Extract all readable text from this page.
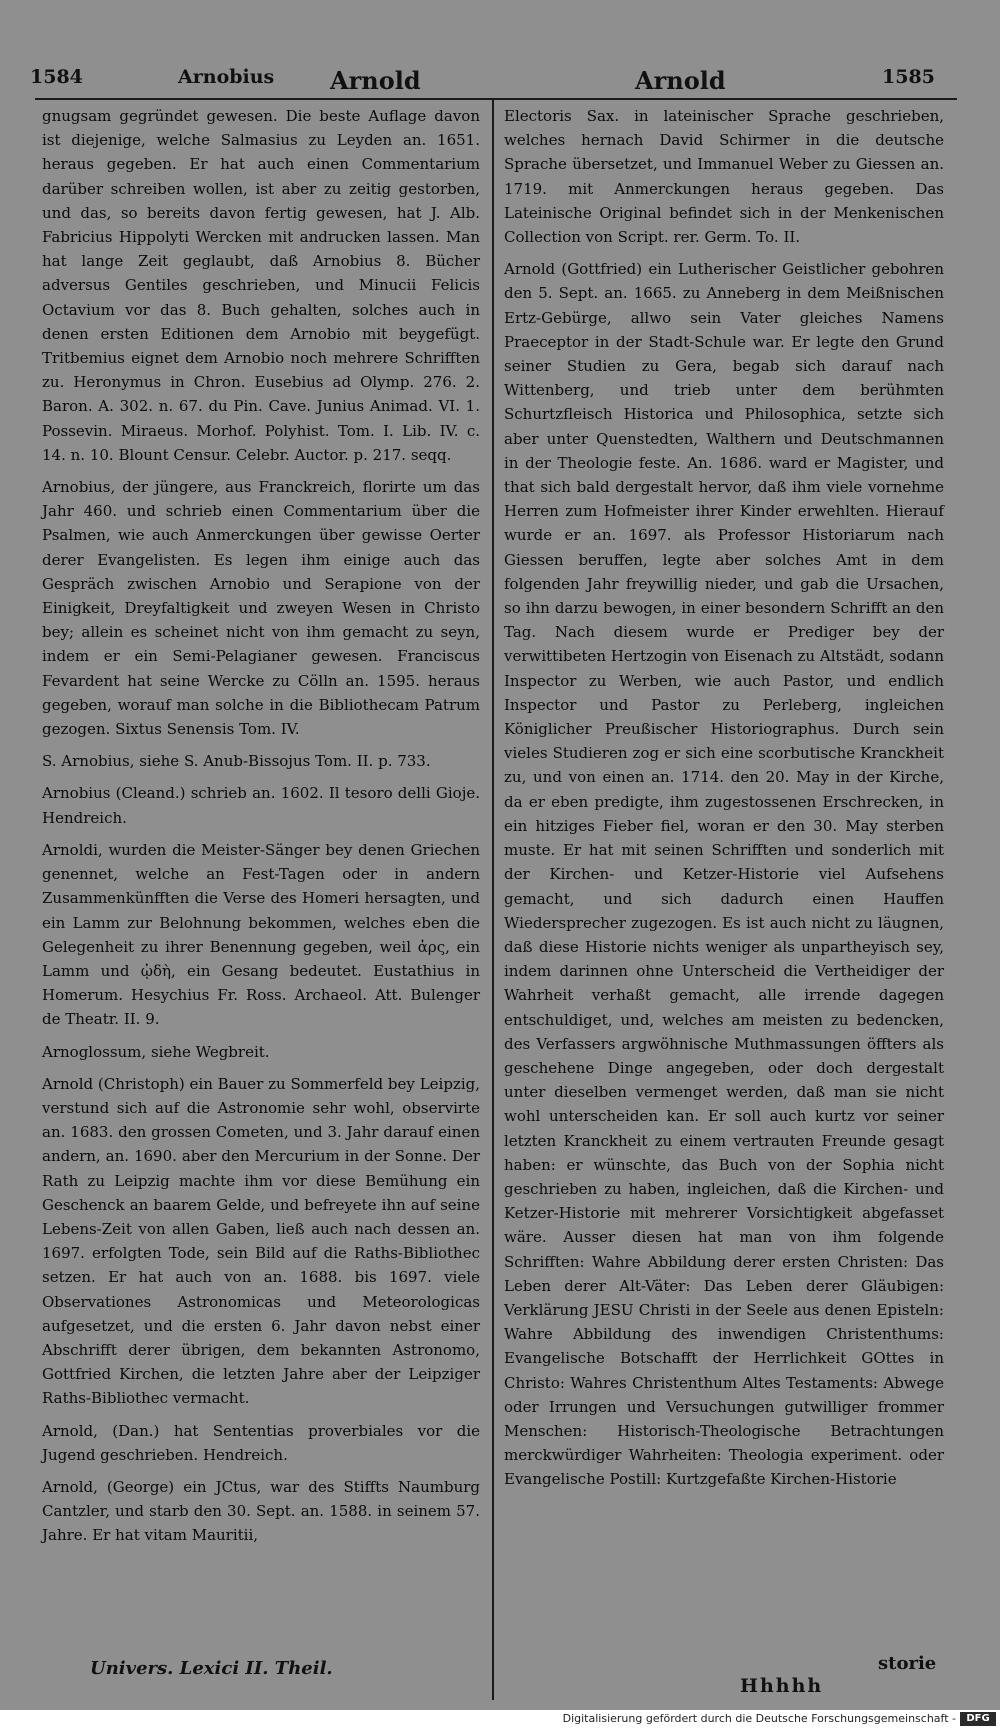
1584	Arnobius Arnold	Arnold	1585

gnugsam gegründet gewesen. Die beste Auflage davon ist diejenige, welche Salmasius zu Leyden an. 1651. heraus gegeben. Er hat auch einen Commentarium darüber schreiben wollen, ist aber zu zeitig gestorben, und das, so bereits davon fertig gewesen, hat J. Alb. Fabricius Hippolyti Wercken mit andrucken lassen. Man hat lange Zeit geglaubt, daß Arnobius 8. Bücher adversus Gentiles geschrieben, und Minucii Felicis Octavium vor das 8. Buch gehalten, solches auch in denen ersten Editionen dem Arnobio mit beygefügt. Tritbemius eignet dem Arnobio noch mehrere Schrifften zu. Heronymus in Chron. Eusebius ad Olymp. 276. 2. Baron. A. 302. n. 67. du Pin. Cave. Junius Animad. VI. 1. Possevin. Miraeus. Morhof. Polyhist. Tom. I. Lib. IV. c. 14. n. 10. Blount Censur. Celebr. Auctor. p. 217. seqq.

Arnobius, der jüngere, aus Franckreich, florirte um das Jahr 460. und schrieb einen Commentarium über die Psalmen, wie auch Anmerckungen über gewisse Oerter derer Evangelisten. Es legen ihm einige auch das Gespräch zwischen Arnobio und Serapione von der Einigkeit, Dreyfaltigkeit und zweyen Wesen in Christo bey; allein es scheinet nicht von ihm gemacht zu seyn, indem er ein Semi-Pelagianer gewesen. Franciscus Fevardent hat seine Wercke zu Cölln an. 1595. heraus gegeben, worauf man solche in die Bibliothecam Patrum gezogen. Sixtus Senensis Tom. IV.

S. Arnobius, siehe S. Anub-Bissojus Tom. II. p. 733.

Arnobius (Cleand.) schrieb an. 1602. Il tesoro delli Gioje. Hendreich.

Arnoldi, wurden die Meister-Sänger bey denen Griechen genennet, welche an Fest-Tagen oder in andern Zusammenkünfften die Verse des Homeri hersagten, und ein Lamm zur Belohnung bekommen, welches eben die Gelegenheit zu ihrer Benennung gegeben, weil ἀρς, ein Lamm und ᾠδὴ, ein Gesang bedeutet. Eustathius in Homerum. Hesychius Fr. Ross. Archaeol. Att. Bulenger de Theatr. II. 9.

Arnoglossum, siehe Wegbreit.

Arnold (Christoph) ein Bauer zu Sommerfeld bey Leipzig, verstund sich auf die Astronomie sehr wohl, observirte an. 1683. den grossen Cometen, und 3. Jahr darauf einen andern, an. 1690. aber den Mercurium in der Sonne. Der Rath zu Leipzig machte ihm vor diese Bemühung ein Geschenck an baarem Gelde, und befreyete ihn auf seine Lebens-Zeit von allen Gaben, ließ auch nach dessen an. 1697. erfolgten Tode, sein Bild auf die Raths-Bibliothec setzen. Er hat auch von an. 1688. bis 1697. viele Observationes Astronomicas und Meteorologicas aufgesetzet, und die ersten 6. Jahr davon nebst einer Abschrifft derer übrigen, dem bekannten Astronomo, Gottfried Kirchen, die letzten Jahre aber der Leipziger Raths-Bibliothec vermacht.

Arnold, (Dan.) hat Sententias proverbiales vor die Jugend geschrieben. Hendreich.

Arnold, (George) ein JCtus, war des Stiffts Naumburg Cantzler, und starb den 30. Sept. an. 1588. in seinem 57. Jahre. Er hat vitam Mauritii,

Electoris Sax. in lateinischer Sprache geschrieben, welches hernach David Schirmer in die deutsche Sprache übersetzet, und Immanuel Weber zu Giessen an. 1719. mit Anmerckungen heraus gegeben. Das Lateinische Original befindet sich in der Menkenischen Collection von Script. rer. Germ. To. II.

Arnold (Gottfried) ein Lutherischer Geistlicher gebohren den 5. Sept. an. 1665. zu Anneberg in dem Meißnischen Ertz-Gebürge, allwo sein Vater gleiches Namens Praeceptor in der Stadt-Schule war. Er legte den Grund seiner Studien zu Gera, begab sich darauf nach Wittenberg, und trieb unter dem berühmten Schurtzfleisch Historica und Philosophica, setzte sich aber unter Quenstedten, Walthern und Deutschmannen in der Theologie feste. An. 1686. ward er Magister, und that sich bald dergestalt hervor, daß ihm viele vornehme Herren zum Hofmeister ihrer Kinder erwehlten. Hierauf wurde er an. 1697. als Professor Historiarum nach Giessen beruffen, legte aber solches Amt in dem folgenden Jahr freywillig nieder, und gab die Ursachen, so ihn darzu bewogen, in einer besondern Schrifft an den Tag. Nach diesem wurde er Prediger bey der verwittibeten Hertzogin von Eisenach zu Altstädt, sodann Inspector zu Werben, wie auch Pastor, und endlich Inspector und Pastor zu Perleberg, ingleichen Königlicher Preußischer Historiographus. Durch sein vieles Studieren zog er sich eine scorbutische Kranckheit zu, und von einen an. 1714. den 20. May in der Kirche, da er eben predigte, ihm zugestossenen Erschrecken, in ein hitziges Fieber fiel, woran er den 30. May sterben muste. Er hat mit seinen Schrifften und sonderlich mit der Kirchen- und Ketzer-Historie viel Aufsehens gemacht, und sich dadurch einen Hauffen Wiedersprecher zugezogen. Es ist auch nicht zu läugnen, daß diese Historie nichts weniger als unpartheyisch sey, indem darinnen ohne Unterscheid die Vertheidiger der Wahrheit verhaßt gemacht, alle irrende dagegen entschuldiget, und, welches am meisten zu bedencken, des Verfassers argwöhnische Muthmassungen öffters als geschehene Dinge angegeben, oder doch dergestalt unter dieselben vermenget werden, daß man sie nicht wohl unterscheiden kan. Er soll auch kurtz vor seiner letzten Kranckheit zu einem vertrauten Freunde gesagt haben: er wünschte, das Buch von der Sophia nicht geschrieben zu haben, ingleichen, daß die Kirchen- und Ketzer-Historie mit mehrerer Vorsichtigkeit abgefasset wäre. Ausser diesen hat man von ihm folgende Schrifften: Wahre Abbildung derer ersten Christen: Das Leben derer Alt-Väter: Das Leben derer Gläubigen: Verklärung JESU Christi in der Seele aus denen Episteln: Wahre Abbildung des inwendigen Christenthums: Evangelische Botschafft der Herrlichkeit GOttes in Christo: Wahres Christenthum Altes Testaments: Abwege oder Irrungen und Versuchungen gutwilliger frommer Menschen: Historisch-Theologische Betrachtungen merckwürdiger Wahrheiten: Theologia experiment. oder Evangelische Postill: Kurtzgefaßte Kirchen-Historie

Univers. Lexici II. Theil.
Hhhhh
storie
Digitalisierung gefördert durch die Deutsche Forschungsgemeinschaft -	DFG
